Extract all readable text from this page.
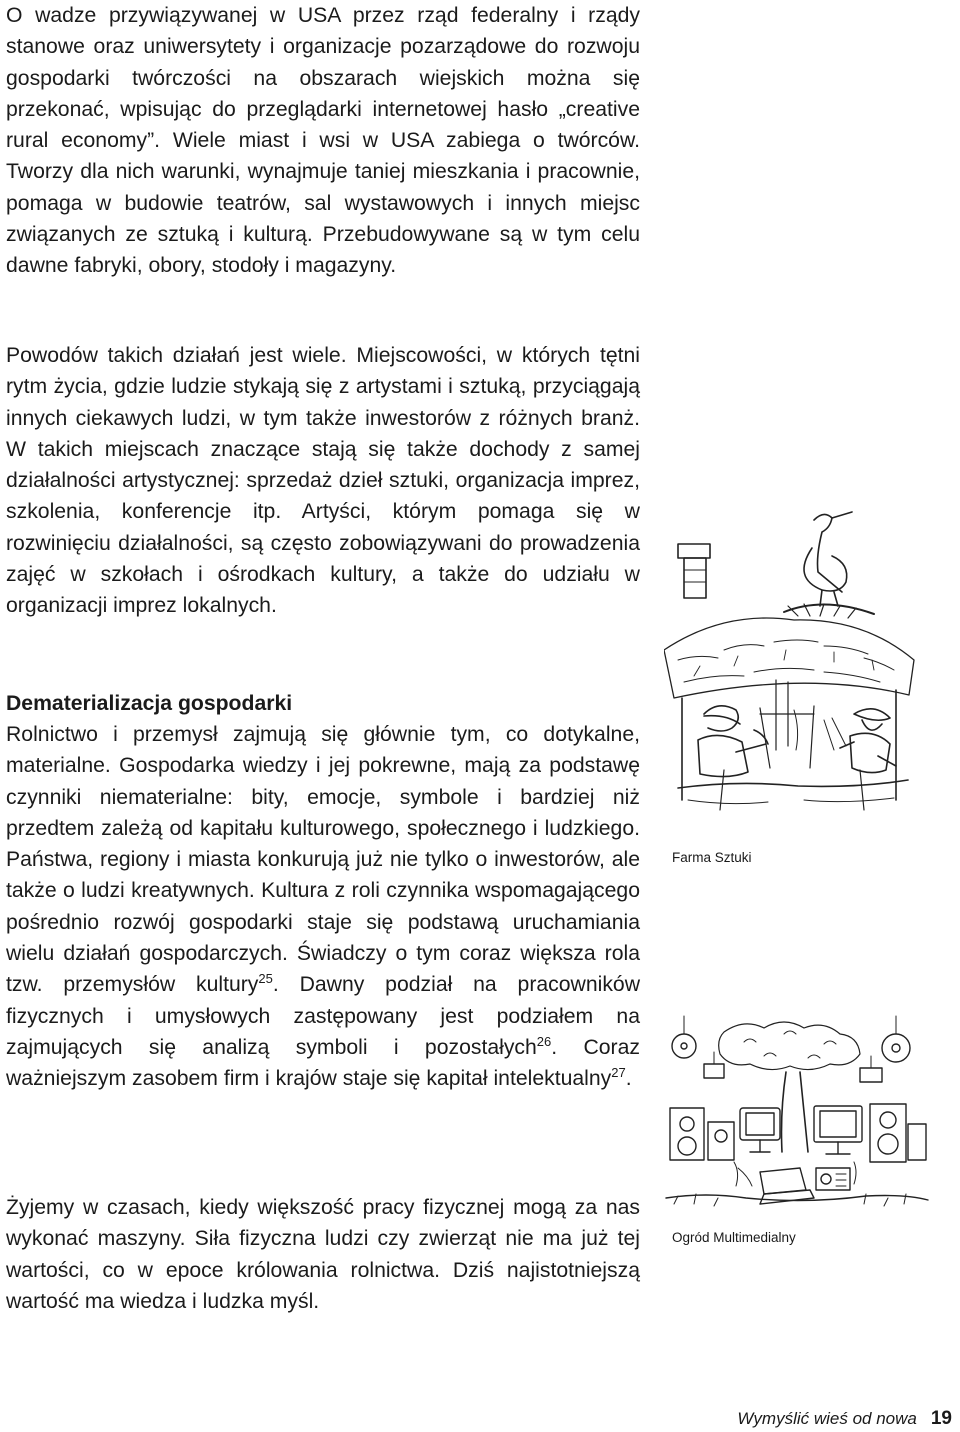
O wadze przywiązywanej w USA przez rząd federalny i rządy stanowe oraz uniwersytety i organizacje pozarządowe do rozwoju gospodarki twórczości na obszarach wiejskich można się przekonać, wpisując do przeglądarki internetowej hasło „creative rural economy”. Wiele miast i wsi w USA zabiega o twórców. Tworzy dla nich warunki, wynajmuje taniej mieszkania i pracownie, pomaga w budowie teatrów, sal wystawowych i innych miejsc związanych ze sztuką i kulturą. Przebudowywane są w tym celu dawne fabryki, obory, stodoły i magazyny.

Powodów takich działań jest wiele. Miejscowości, w których tętni rytm życia, gdzie ludzie stykają się z artystami i sztuką, przyciągają innych ciekawych ludzi, w tym także inwestorów z różnych branż. W takich miejscach znaczące stają się także dochody z samej działalności artystycznej: sprzedaż dzieł sztuki, organizacja imprez, szkolenia, konferencje itp. Artyści, którym pomaga się w rozwinięciu działalności, są często zobowiązywani do prowadzenia zajęć w szkołach i ośrodkach kultury, a także do udziału w organizacji imprez lokalnych.

Dematerializacja gospodarki

Rolnictwo i przemysł zajmują się głównie tym, co dotykalne, materialne. Gospodarka wiedzy i jej pokrewne, mają za podstawę czynniki niematerialne: bity, emocje, symbole i bardziej niż przedtem zależą od kapitału kulturowego, społecznego i ludzkiego. Państwa, regiony i miasta konkurują już nie tylko o inwestorów, ale także o ludzi kreatywnych. Kultura z roli czynnika wspomagającego pośrednio rozwój gospodarki staje się podstawą uruchamiania wielu działań gospodarczych. Świadczy o tym coraz większa rola tzw. przemysłów kultury$^{25}$. Dawny podział na pracowników fizycznych i umysłowych zastępowany jest podziałem na zajmujących się analizą symboli i pozostałych$^{26}$. Coraz ważniejszym zasobem firm i krajów staje się kapitał intelektualny$^{27}$.

Żyjemy w czasach, kiedy większość pracy fizycznej mogą za nas wykonać maszyny. Siła fizyczna ludzi czy zwierząt nie ma już tej wartości, co w epoce królowania rolnictwa. Dziś najistotniejszą wartość ma wiedza i ludzka myśl.

Farma Sztuki
Ogród Multimedialny
Wymyślić wieś od nowa 19
